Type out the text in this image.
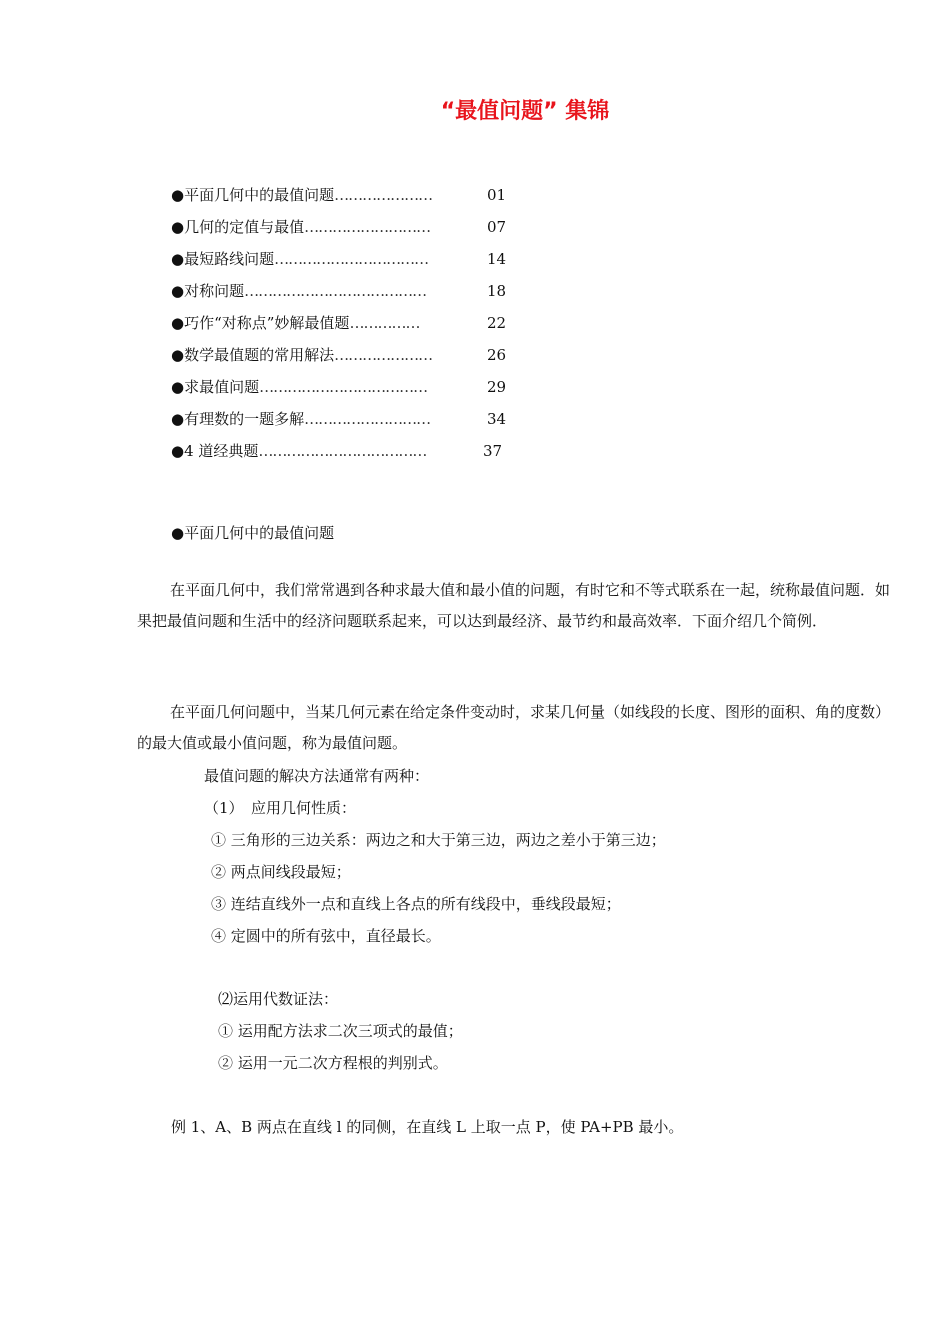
“最值问题” 集锦
●平面几何中的最值问题…………………	01
●几何的定值与最值………………………	07
●最短路线问题……………………………	14
●对称问题…………………………………	18
●巧作“对称点”妙解最值题……………	22
●数学最值题的常用解法…………………	26
●求最值问题………………………………	29
●有理数的一题多解………………………	34
●4 道经典题………………………………	37
●平面几何中的最值问题
在平面几何中，我们常常遇到各种求最大值和最小值的问题，有时它和不等式联系在一起，统称最值问题．如果把最值问题和生活中的经济问题联系起来，可以达到最经济、最节约和最高效率．下面介绍几个简例．
在平面几何问题中，当某几何元素在给定条件变动时，求某几何量（如线段的长度、图形的面积、角的度数）的最大值或最小值问题，称为最值问题。
最值问题的解决方法通常有两种：
（1）　应用几何性质：
① 三角形的三边关系：两边之和大于第三边，两边之差小于第三边；
② 两点间线段最短；
③ 连结直线外一点和直线上各点的所有线段中，垂线段最短；
④ 定圆中的所有弦中，直径最长。
⑵运用代数证法：
① 运用配方法求二次三项式的最值；
② 运用一元二次方程根的判别式。
例 1、A、B 两点在直线 l 的同侧，在直线 L 上取一点 P，使 PA+PB 最小。
